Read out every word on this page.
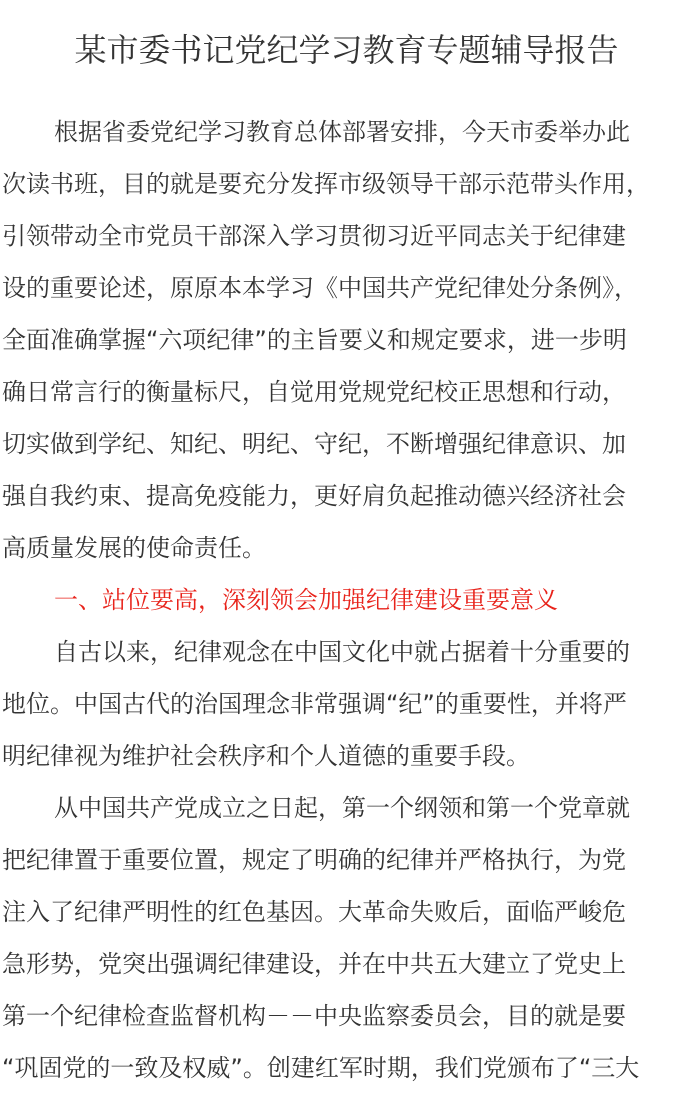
某市委书记党纪学习教育专题辅导报告
根据省委党纪学习教育总体部署安排，今天市委举办此
次读书班，目的就是要充分发挥市级领导干部示范带头作用，
引领带动全市党员干部深入学习贯彻习近平同志关于纪律建
设的重要论述，原原本本学习《中国共产党纪律处分条例》，
全面准确掌握“六项纪律”的主旨要义和规定要求，进一步明
确日常言行的衡量标尺，自觉用党规党纪校正思想和行动，
切实做到学纪、知纪、明纪、守纪，不断增强纪律意识、加
强自我约束、提高免疫能力，更好肩负起推动德兴经济社会
高质量发展的使命责任。
一、站位要高，深刻领会加强纪律建设重要意义
自古以来，纪律观念在中国文化中就占据着十分重要的
地位。中国古代的治国理念非常强调“纪”的重要性，并将严
明纪律视为维护社会秩序和个人道德的重要手段。
从中国共产党成立之日起，第一个纲领和第一个党章就
把纪律置于重要位置，规定了明确的纪律并严格执行，为党
注入了纪律严明性的红色基因。大革命失败后，面临严峻危
急形势，党突出强调纪律建设，并在中共五大建立了党史上
第一个纪律检查监督机构－－中央监察委员会，目的就是要
“巩固党的一致及权威”。创建红军时期，我们党颁布了“三大
